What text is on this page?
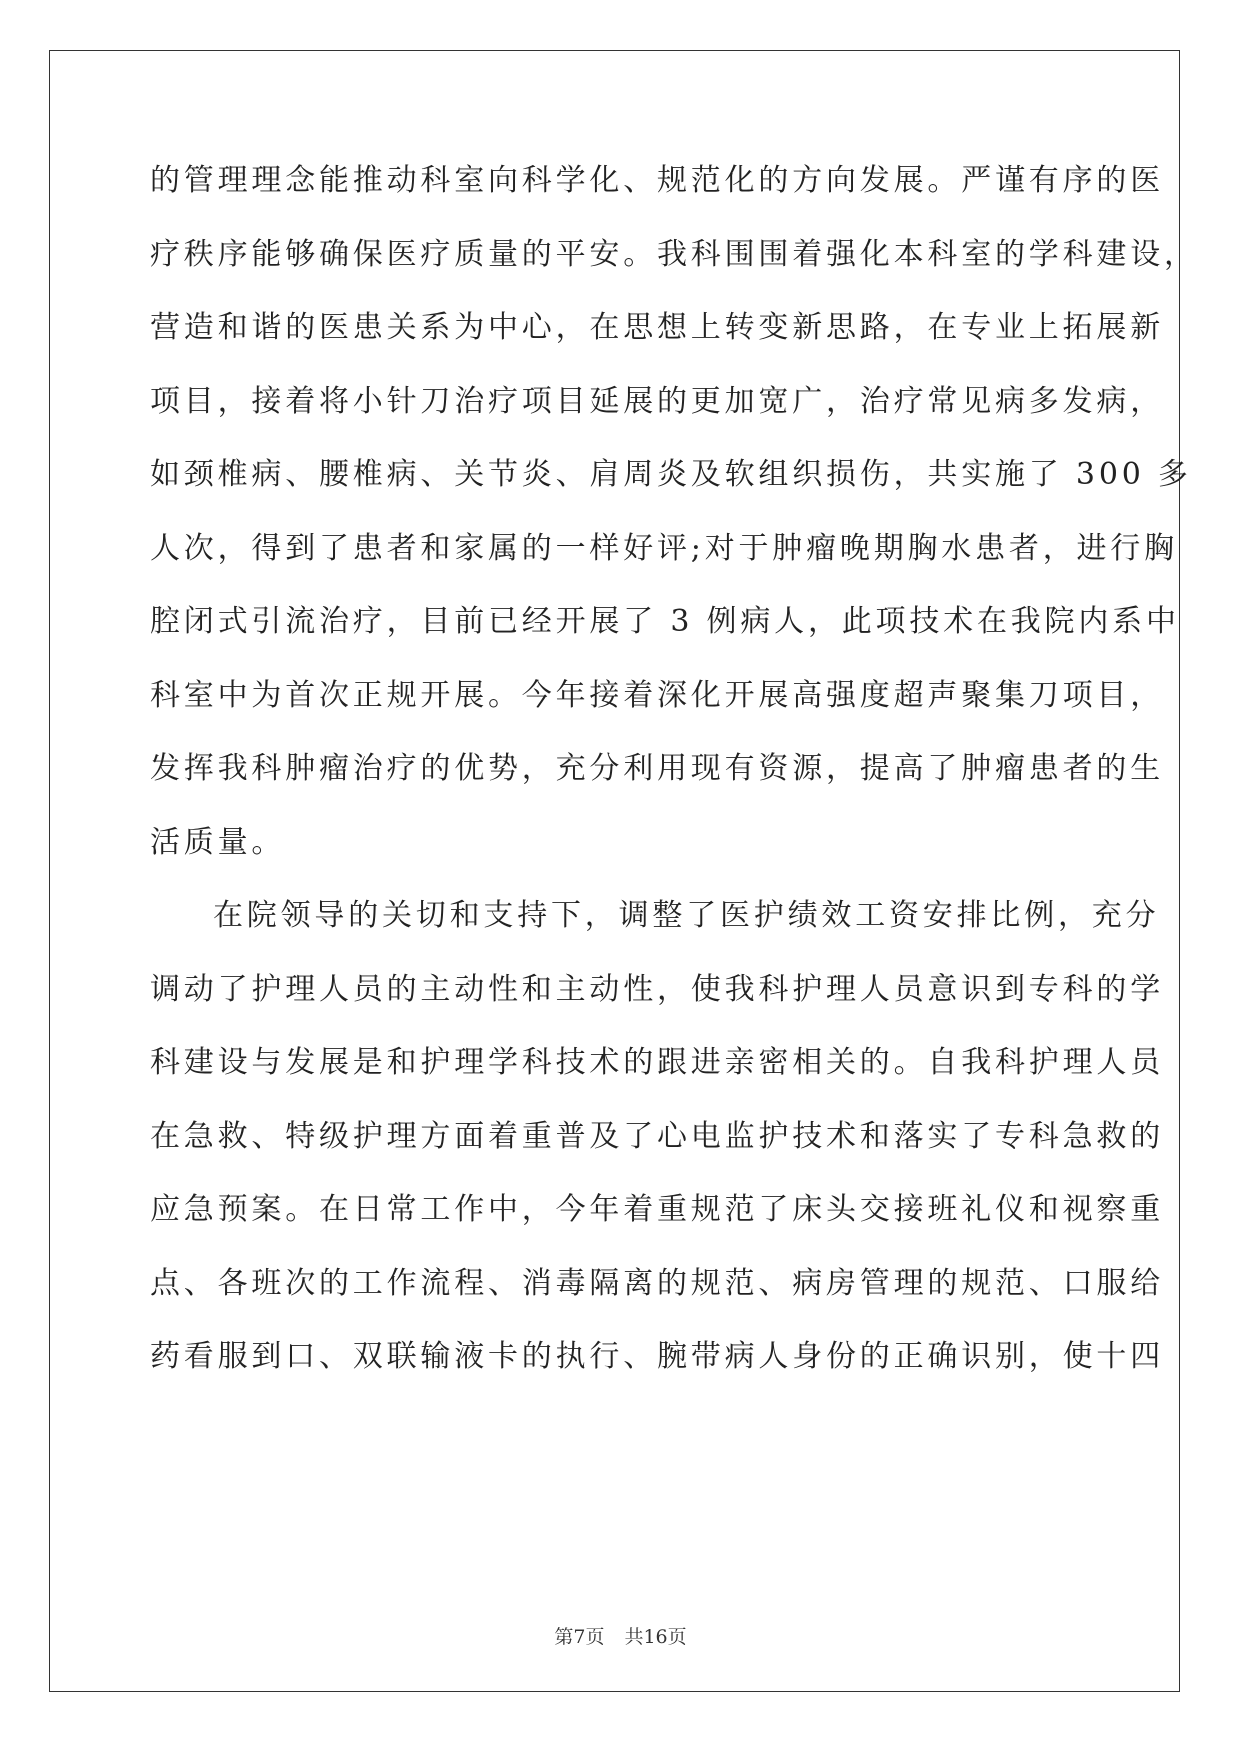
的管理理念能推动科室向科学化、规范化的方向发展。严谨有序的医
疗秩序能够确保医疗质量的平安。我科围围着强化本科室的学科建设，
营造和谐的医患关系为中心，在思想上转变新思路，在专业上拓展新
项目，接着将小针刀治疗项目延展的更加宽广，治疗常见病多发病，
如颈椎病、腰椎病、关节炎、肩周炎及软组织损伤，共实施了 300 多
人次，得到了患者和家属的一样好评;对于肿瘤晚期胸水患者，进行胸
腔闭式引流治疗，目前已经开展了 3 例病人，此项技术在我院内系中
科室中为首次正规开展。今年接着深化开展高强度超声聚集刀项目，
发挥我科肿瘤治疗的优势，充分利用现有资源，提高了肿瘤患者的生
活质量。
在院领导的关切和支持下，调整了医护绩效工资安排比例，充分
调动了护理人员的主动性和主动性，使我科护理人员意识到专科的学
科建设与发展是和护理学科技术的跟进亲密相关的。自我科护理人员
在急救、特级护理方面着重普及了心电监护技术和落实了专科急救的
应急预案。在日常工作中，今年着重规范了床头交接班礼仪和视察重
点、各班次的工作流程、消毒隔离的规范、病房管理的规范、口服给
药看服到口、双联输液卡的执行、腕带病人身份的正确识别，使十四
第7页 共16页
